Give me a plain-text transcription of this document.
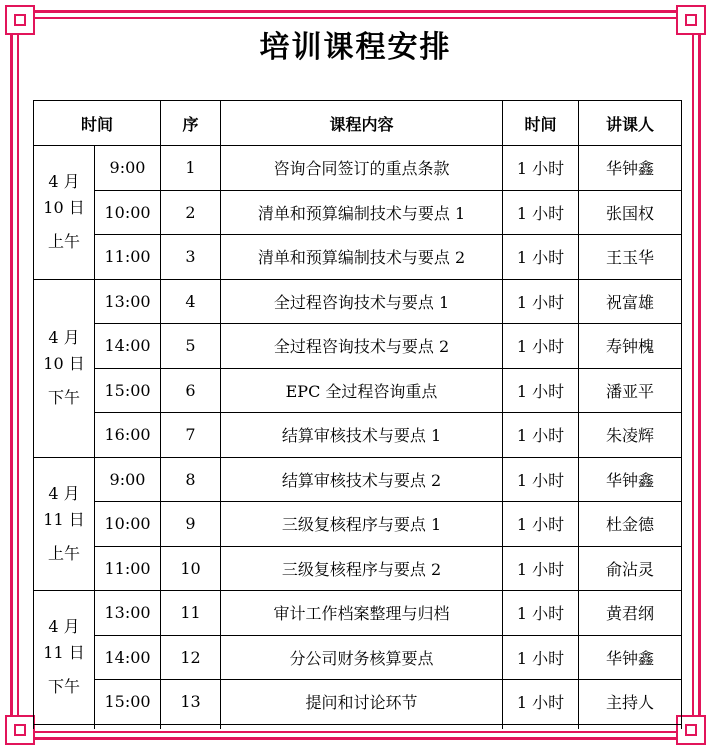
培训课程安排
时间		序	课程内容	时间	讲课人

4 月
10 日
上午	9:00	1	咨询合同签订的重点条款	1 小时	华钟鑫
	10:00	2	清单和预算编制技术与要点 1	1 小时	张国权
	11:00	3	清单和预算编制技术与要点 2	1 小时	王玉华

4 月
10 日
下午	13:00	4	全过程咨询技术与要点 1	1 小时	祝富雄
	14:00	5	全过程咨询技术与要点 2	1 小时	寿钟槐
	15:00	6	EPC 全过程咨询重点	1 小时	潘亚平
	16:00	7	结算审核技术与要点 1	1 小时	朱凌辉

4 月
11 日
上午	9:00	8	结算审核技术与要点 2	1 小时	华钟鑫
	10:00	9	三级复核程序与要点 1	1 小时	杜金德
	11:00	10	三级复核程序与要点 2	1 小时	俞沾灵

4 月
11 日
下午	13:00	11	审计工作档案整理与归档	1 小时	黄君纲
	14:00	12	分公司财务核算要点	1 小时	华钟鑫
	15:00	13	提问和讨论环节	1 小时	主持人
